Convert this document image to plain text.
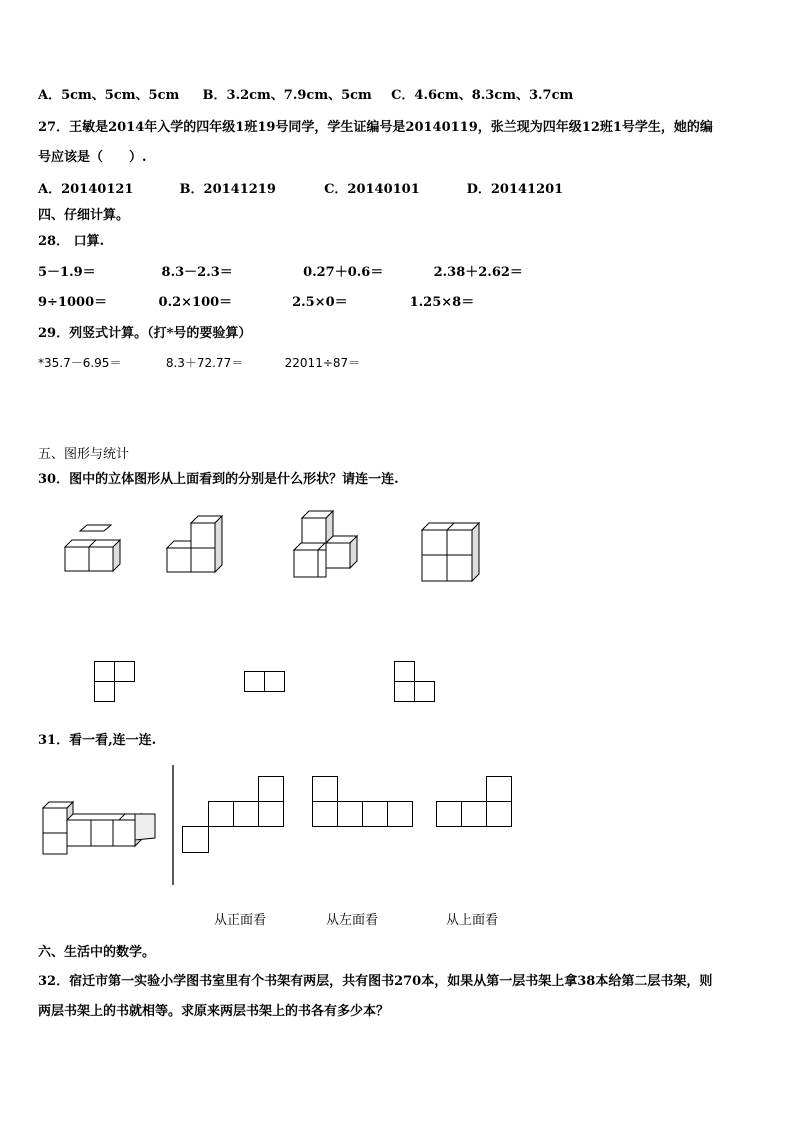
A．5cm、5cm、5cm B．3.2cm、7.9cm、5cm C．4.6cm、8.3cm、3.7cm
27．王敏是2014年入学的四年级1班19号同学，学生证编号是20140119，张兰现为四年级12班1号学生，她的编
号应该是（　　）.
A．20140121	B．20141219	C．20140101	D．20141201
四、仔细计算。
28． 口算.
5－1.9＝	8.3－2.3＝	0.27＋0.6＝	2.38＋2.62＝
9÷1000＝	0.2×100＝	2.5×0＝	1.25×8＝
29．列竖式计算。（打*号的要验算）
*35.7－6.95＝	8.3＋72.77＝	22011÷87＝
五、图形与统计
30．图中的立体图形从上面看到的分别是什么形状？请连一连.
31．看一看,连一连.
从正面看	从左面看	从上面看
六、生活中的数学。
32．宿迁市第一实验小学图书室里有个书架有两层，共有图书270本，如果从第一层书架上拿38本给第二层书架，则
两层书架上的书就相等。求原来两层书架上的书各有多少本？
